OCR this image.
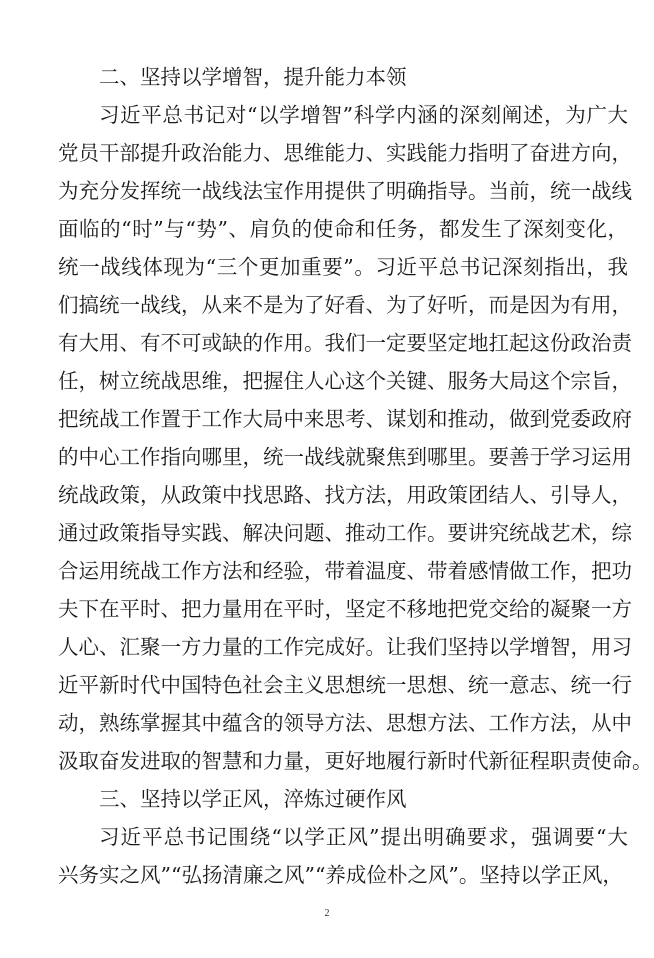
二、坚持以学增智，提升能力本领
习近平总书记对“以学增智”科学内涵的深刻阐述，为广大
党员干部提升政治能力、思维能力、实践能力指明了奋进方向，
为充分发挥统一战线法宝作用提供了明确指导。当前，统一战线
面临的“时”与“势”、肩负的使命和任务，都发生了深刻变化，
统一战线体现为“三个更加重要”。习近平总书记深刻指出，我
们搞统一战线，从来不是为了好看、为了好听，而是因为有用，
有大用、有不可或缺的作用。我们一定要坚定地扛起这份政治责
任，树立统战思维，把握住人心这个关键、服务大局这个宗旨，
把统战工作置于工作大局中来思考、谋划和推动，做到党委政府
的中心工作指向哪里，统一战线就聚焦到哪里。要善于学习运用
统战政策，从政策中找思路、找方法，用政策团结人、引导人，
通过政策指导实践、解决问题、推动工作。要讲究统战艺术，综
合运用统战工作方法和经验，带着温度、带着感情做工作，把功
夫下在平时、把力量用在平时，坚定不移地把党交给的凝聚一方
人心、汇聚一方力量的工作完成好。让我们坚持以学增智，用习
近平新时代中国特色社会主义思想统一思想、统一意志、统一行
动，熟练掌握其中蕴含的领导方法、思想方法、工作方法，从中
汲取奋发进取的智慧和力量，更好地履行新时代新征程职责使命。
三、坚持以学正风，淬炼过硬作风
习近平总书记围绕“以学正风”提出明确要求，强调要“大
兴务实之风”“弘扬清廉之风”“养成俭朴之风”。坚持以学正风，
2
